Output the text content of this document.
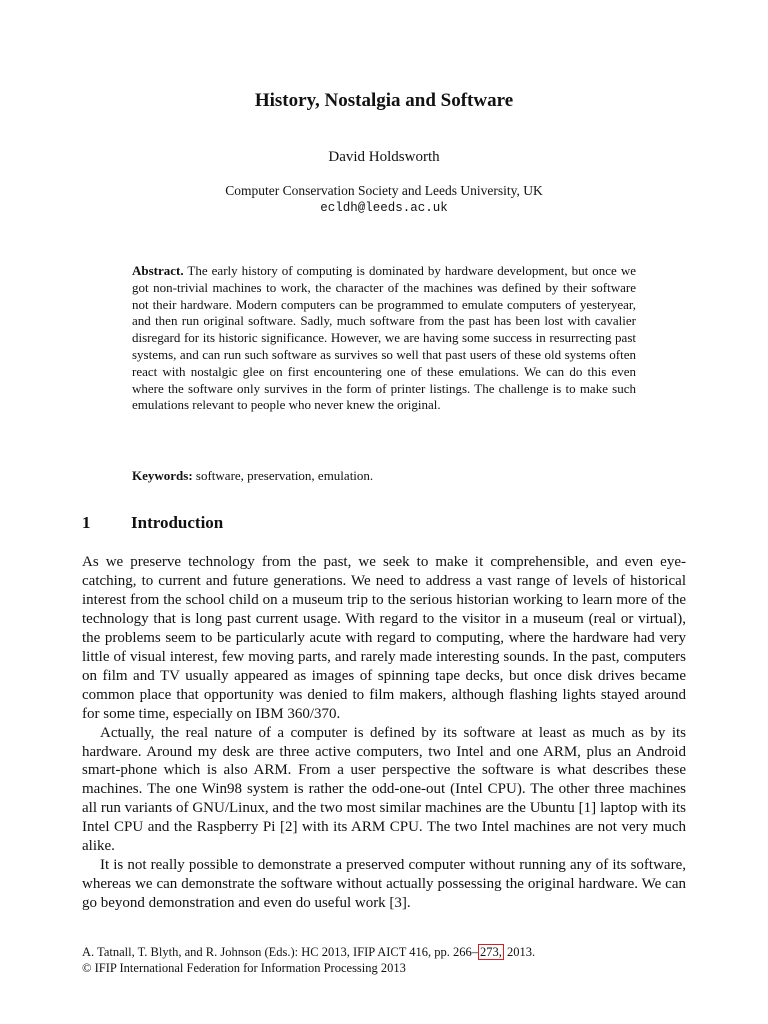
History, Nostalgia and Software
David Holdsworth
Computer Conservation Society and Leeds University, UK
ecldh@leeds.ac.uk

Abstract. The early history of computing is dominated by hardware development, but once we got non-trivial machines to work, the character of the machines was defined by their software not their hardware. Modern computers can be programmed to emulate computers of yesteryear, and then run original software. Sadly, much software from the past has been lost with cavalier disregard for its historic significance. However, we are having some success in resurrecting past systems, and can run such software as survives so well that past users of these old systems often react with nostalgic glee on first encountering one of these emulations. We can do this even where the software only survives in the form of printer listings. The challenge is to make such emulations relevant to people who never knew the original.

Keywords: software, preservation, emulation.

1 Introduction

As we preserve technology from the past, we seek to make it comprehensible, and even eye-catching, to current and future generations. We need to address a vast range of levels of historical interest from the school child on a museum trip to the serious historian working to learn more of the technology that is long past current usage. With regard to the visitor in a museum (real or virtual), the problems seem to be particularly acute with regard to computing, where the hardware had very little of visual interest, few moving parts, and rarely made interesting sounds. In the past, computers on film and TV usually appeared as images of spinning tape decks, but once disk drives became common place that opportunity was denied to film makers, although flashing lights stayed around for some time, especially on IBM 360/370.

Actually, the real nature of a computer is defined by its software at least as much as by its hardware. Around my desk are three active computers, two Intel and one ARM, plus an Android smart-phone which is also ARM. From a user perspective the software is what describes these machines. The one Win98 system is rather the odd-one-out (Intel CPU). The other three machines all run variants of GNU/Linux, and the two most similar machines are the Ubuntu [1] laptop with its Intel CPU and the Raspberry Pi [2] with its ARM CPU. The two Intel machines are not very much alike.

It is not really possible to demonstrate a preserved computer without running any of its software, whereas we can demonstrate the software without actually possessing the original hardware. We can go beyond demonstration and even do useful work [3].

A. Tatnall, T. Blyth, and R. Johnson (Eds.): HC 2013, IFIP AICT 416, pp. 266– 273, 2013.
© IFIP International Federation for Information Processing 2013
